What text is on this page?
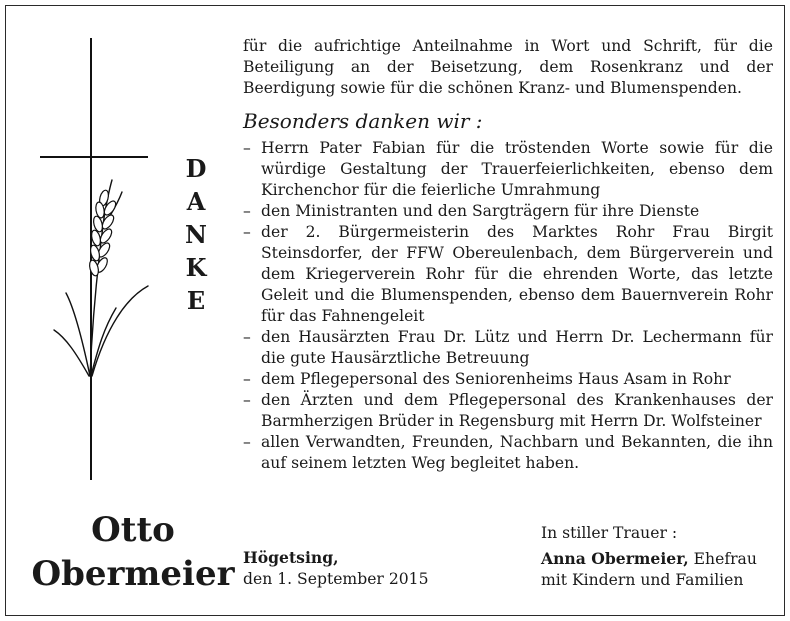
D
A
N
K
E
Otto
Obermeier

für die aufrichtige Anteilnahme in Wort und Schrift, für die Beteiligung an der Beisetzung, dem Rosenkranz und der Beerdigung sowie für die schönen Kranz- und Blumenspenden.

Besonders danken wir :
– Herrn Pater Fabian für die tröstenden Worte sowie für die würdige Gestaltung der Trauerfeierlichkeiten, ebenso dem Kirchenchor für die feierliche Umrahmung
– den Ministranten und den Sargträgern für ihre Dienste
– der 2. Bürgermeisterin des Marktes Rohr Frau Birgit Steinsdorfer, der FFW Obereulenbach, dem Bürgerverein und dem Kriegerverein Rohr für die ehrenden Worte, das letzte Geleit und die Blumenspenden, ebenso dem Bauernverein Rohr für das Fahnengeleit
– den Hausärzten Frau Dr. Lütz und Herrn Dr. Lechermann für die gute Hausärztliche Betreuung
– dem Pflegepersonal des Seniorenheims Haus Asam in Rohr
– den Ärzten und dem Pflegepersonal des Krankenhauses der Barmherzigen Brüder in Regensburg mit Herrn Dr. Wolfsteiner
– allen Verwandten, Freunden, Nachbarn und Bekannten, die ihn auf seinem letzten Weg begleitet haben.
Högetsing,
den 1. September 2015
In stiller Trauer :
Anna Obermeier, Ehefrau
mit Kindern und Familien
